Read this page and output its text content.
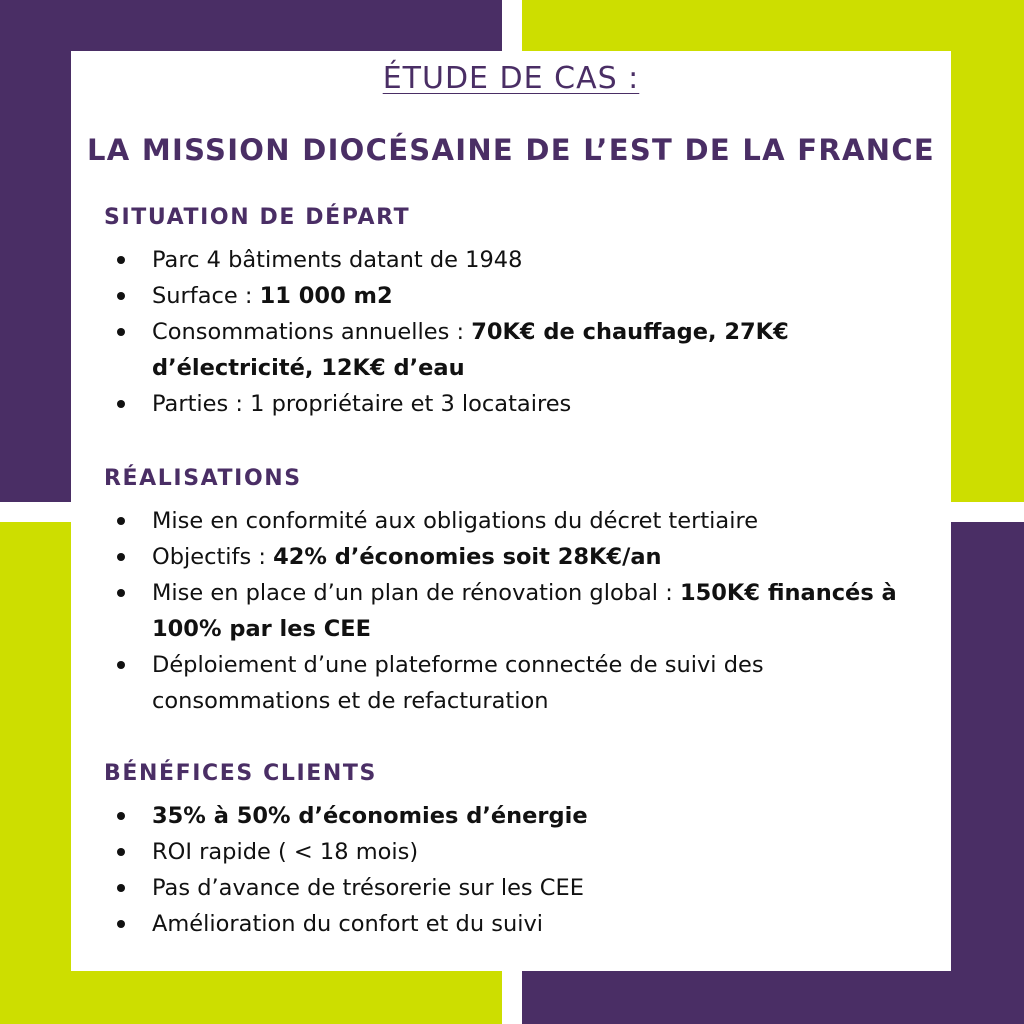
ÉTUDE DE CAS :
LA MISSION DIOCÉSAINE DE L’EST DE LA FRANCE
SITUATION DE DÉPART
Parc 4 bâtiments datant de 1948
Surface : 11 000 m2
Consommations annuelles : 70K€ de chauffage, 27K€ d’électricité, 12K€ d’eau
Parties : 1 propriétaire et 3 locataires
RÉALISATIONS
Mise en conformité aux obligations du décret tertiaire
Objectifs : 42% d’économies soit 28K€/an
Mise en place d’un plan de rénovation global : 150K€ financés à 100% par les CEE
Déploiement d’une plateforme connectée de suivi des consommations et de refacturation
BÉNÉFICES CLIENTS
35% à 50% d’économies d’énergie
ROI rapide ( < 18 mois)
Pas d’avance de trésorerie sur les CEE
Amélioration du confort et du suivi
